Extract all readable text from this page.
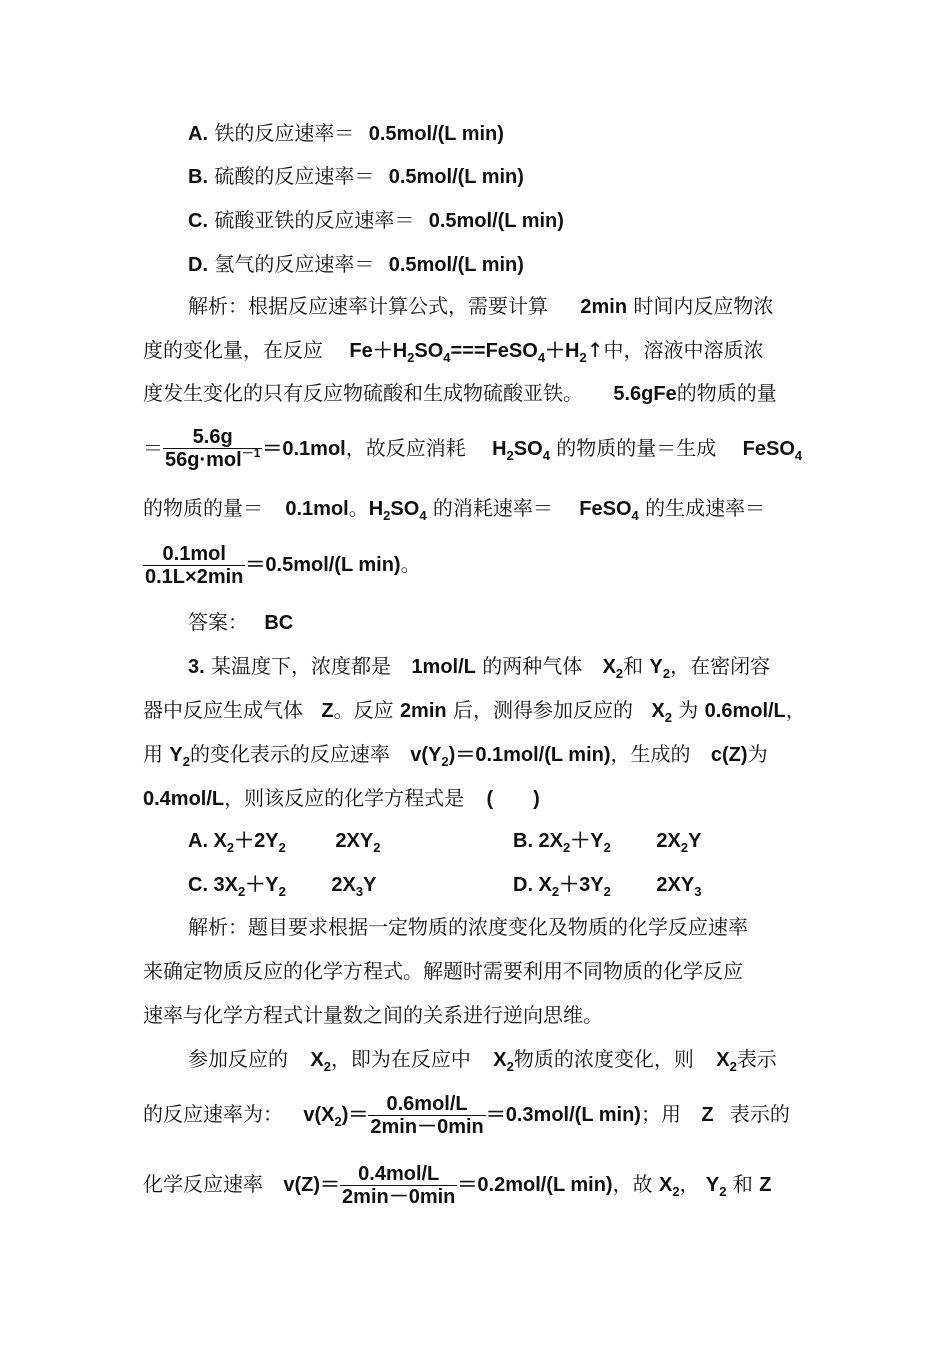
A. 铁的反应速率＝ 0.5mol/(L min)
B. 硫酸的反应速率＝ 0.5mol/(L min)
C. 硫酸亚铁的反应速率＝ 0.5mol/(L min)
D. 氢气的反应速率＝ 0.5mol/(L min)
解析：根据反应速率计算公式，需要计算 2min 时间内反应物浓
度的变化量，在反应 $Fe+H_2SO_4===FeSO_4+H_2↑$中，溶液中溶质浓
度发生变化的只有反应物硫酸和生成物硫酸亚铁。 5.6gFe的物质的量
＝ $\frac{5.6g}{56g\cdot mol^{-1}} =0.1mol$，故反应消耗 $H_2SO_4$ 的物质的量＝生成 FeSO$_4$
的物质的量＝ 0.1mol。$H_2SO_4$ 的消耗速率＝ FeSO$_4$ 的生成速率＝
$\frac{\text{0.1mol}}{0.1L\times 2\min} =0.5mol/(L$ min)。
答案： BC
3. 某温度下，浓度都是 1mol/L 的两种气体 $X_2$和 $Y_2$，在密闭容
器中反应生成气体 Z。反应 2min 后，测得参加反应的 $X_2$ 为 0.6mol/L，
用 $Y_2$的变化表示的反应速率 $v(Y_2)=0.1mol/(L$ min)，生成的 c(Z)为
0.4mol/L，则该反应的化学方程式是 (　　)
A. $X_2+2Y_2$ $2XY_2$	B. $2X_2+Y_2$ $2X_2Y$
C. $3X_2+Y_2$ $2X_3Y$	D. $X_2+3Y_2$ $2XY_3$
解析：题目要求根据一定物质的浓度变化及物质的化学反应速率
来确定物质反应的化学方程式。解题时需要利用不同物质的化学反应
速率与化学方程式计量数之间的关系进行逆向思维。
参加反应的 $X_2$，即为在反应中 $X_2$物质的浓度变化，则 $X_2$表示
的反应速率为： $v(X_2)= \frac{\text{0.6mol/L}}{2\min-0\min} =0.3mol/(L$ min)；用 Z 表示的
化学反应速率 $v(Z)= \frac{\text{0.4mol/L}}{2\min-0\min} =0.2mol/(L$ min)，故 $X_2$， $Y_2$ 和 Z
